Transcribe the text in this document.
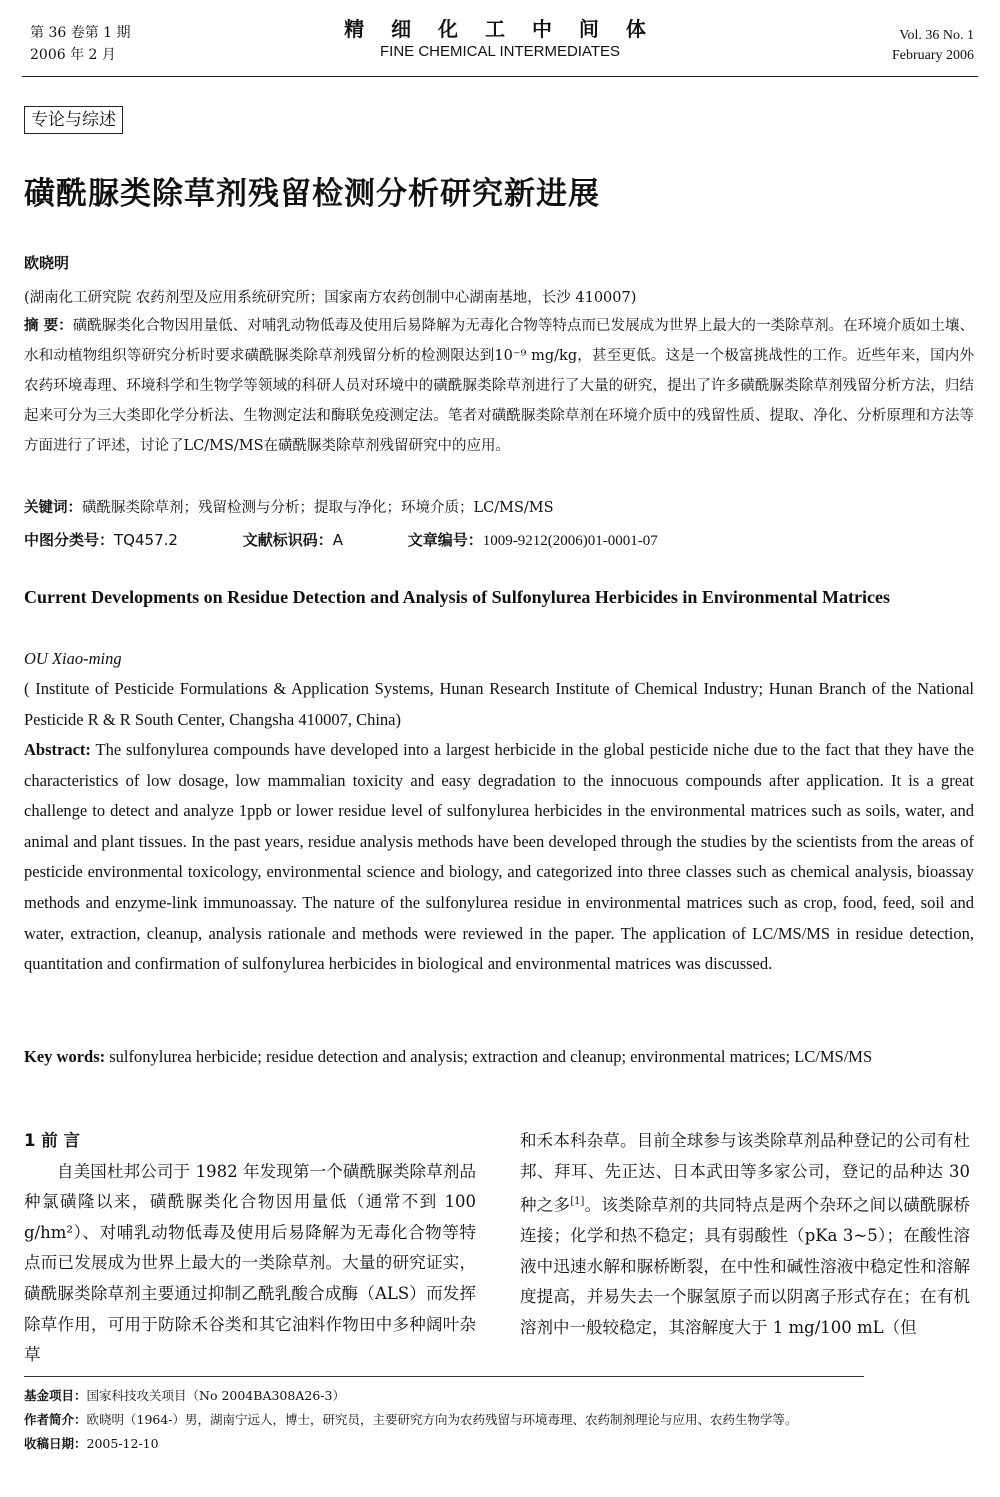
第 36 卷第 1 期
2006 年 2 月
精 细 化 工 中 间 体
FINE CHEMICAL INTERMEDIATES
Vol. 36 No. 1
February 2006
专论与综述
磺酰脲类除草剂残留检测分析研究新进展
欧晓明
(湖南化工研究院 农药剂型及应用系统研究所；国家南方农药创制中心湖南基地，长沙 410007)
摘 要：磺酰脲类化合物因用量低、对哺乳动物低毒及使用后易降解为无毒化合物等特点而已发展成为世界上最大的一类除草剂。在环境介质如土壤、水和动植物组织等研究分析时要求磺酰脲类除草剂残留分析的检测限达到10⁻⁹ mg/kg，甚至更低。这是一个极富挑战性的工作。近些年来，国内外农药环境毒理、环境科学和生物学等领域的科研人员对环境中的磺酰脲类除草剂进行了大量的研究，提出了许多磺酰脲类除草剂残留分析方法，归结起来可分为三大类即化学分析法、生物测定法和酶联免疫测定法。笔者对磺酰脲类除草剂在环境介质中的残留性质、提取、净化、分析原理和方法等方面进行了评述，讨论了LC/MS/MS在磺酰脲类除草剂残留研究中的应用。
关键词：磺酰脲类除草剂；残留检测与分析；提取与净化；环境介质；LC/MS/MS
中图分类号：TQ457.2	文献标识码：A	文章编号：1009-9212(2006)01-0001-07
Current Developments on Residue Detection and Analysis of Sulfonylurea Herbicides in Environmental Matrices
OU Xiao-ming
( Institute of Pesticide Formulations & Application Systems, Hunan Research Institute of Chemical Industry; Hunan Branch of the National Pesticide R & R South Center, Changsha 410007, China)
Abstract: The sulfonylurea compounds have developed into a largest herbicide in the global pesticide niche due to the fact that they have the characteristics of low dosage, low mammalian toxicity and easy degradation to the innocuous compounds after application. It is a great challenge to detect and analyze 1ppb or lower residue level of sulfonylurea herbicides in the environmental matrices such as soils, water, and animal and plant tissues. In the past years, residue analysis methods have been developed through the studies by the scientists from the areas of pesticide environmental toxicology, environmental science and biology, and categorized into three classes such as chemical analysis, bioassay methods and enzyme-link immunoassay. The nature of the sulfonylurea residue in environmental matrices such as crop, food, feed, soil and water, extraction, cleanup, analysis rationale and methods were reviewed in the paper. The application of LC/MS/MS in residue detection, quantitation and confirmation of sulfonylurea herbicides in biological and environmental matrices was discussed.
Key words: sulfonylurea herbicide; residue detection and analysis; extraction and cleanup; environmental matrices; LC/MS/MS
1 前 言
自美国杜邦公司于 1982 年发现第一个磺酰脲类除草剂品种氯磺隆以来，磺酰脲类化合物因用量低（通常不到 100 g/hm²）、对哺乳动物低毒及使用后易降解为无毒化合物等特点而已发展成为世界上最大的一类除草剂。大量的研究证实，磺酰脲类除草剂主要通过抑制乙酰乳酸合成酶（ALS）而发挥除草作用，可用于防除禾谷类和其它油料作物田中多种阔叶杂草
和禾本科杂草。目前全球参与该类除草剂品种登记的公司有杜邦、拜耳、先正达、日本武田等多家公司，登记的品种达 30 种之多[1]。该类除草剂的共同特点是两个杂环之间以磺酰脲桥连接；化学和热不稳定；具有弱酸性（pKa 3~5）；在酸性溶液中迅速水解和脲桥断裂，在中性和碱性溶液中稳定性和溶解度提高，并易失去一个脲氢原子而以阴离子形式存在；在有机溶剂中一般较稳定，其溶解度大于 1 mg/100 mL（但
基金项目：国家科技攻关项目（No 2004BA308A26-3）
作者简介：欧晓明（1964-）男，湖南宁远人，博士，研究员，主要研究方向为农药残留与环境毒理、农药制剂理论与应用、农药生物学等。
收稿日期：2005-12-10
